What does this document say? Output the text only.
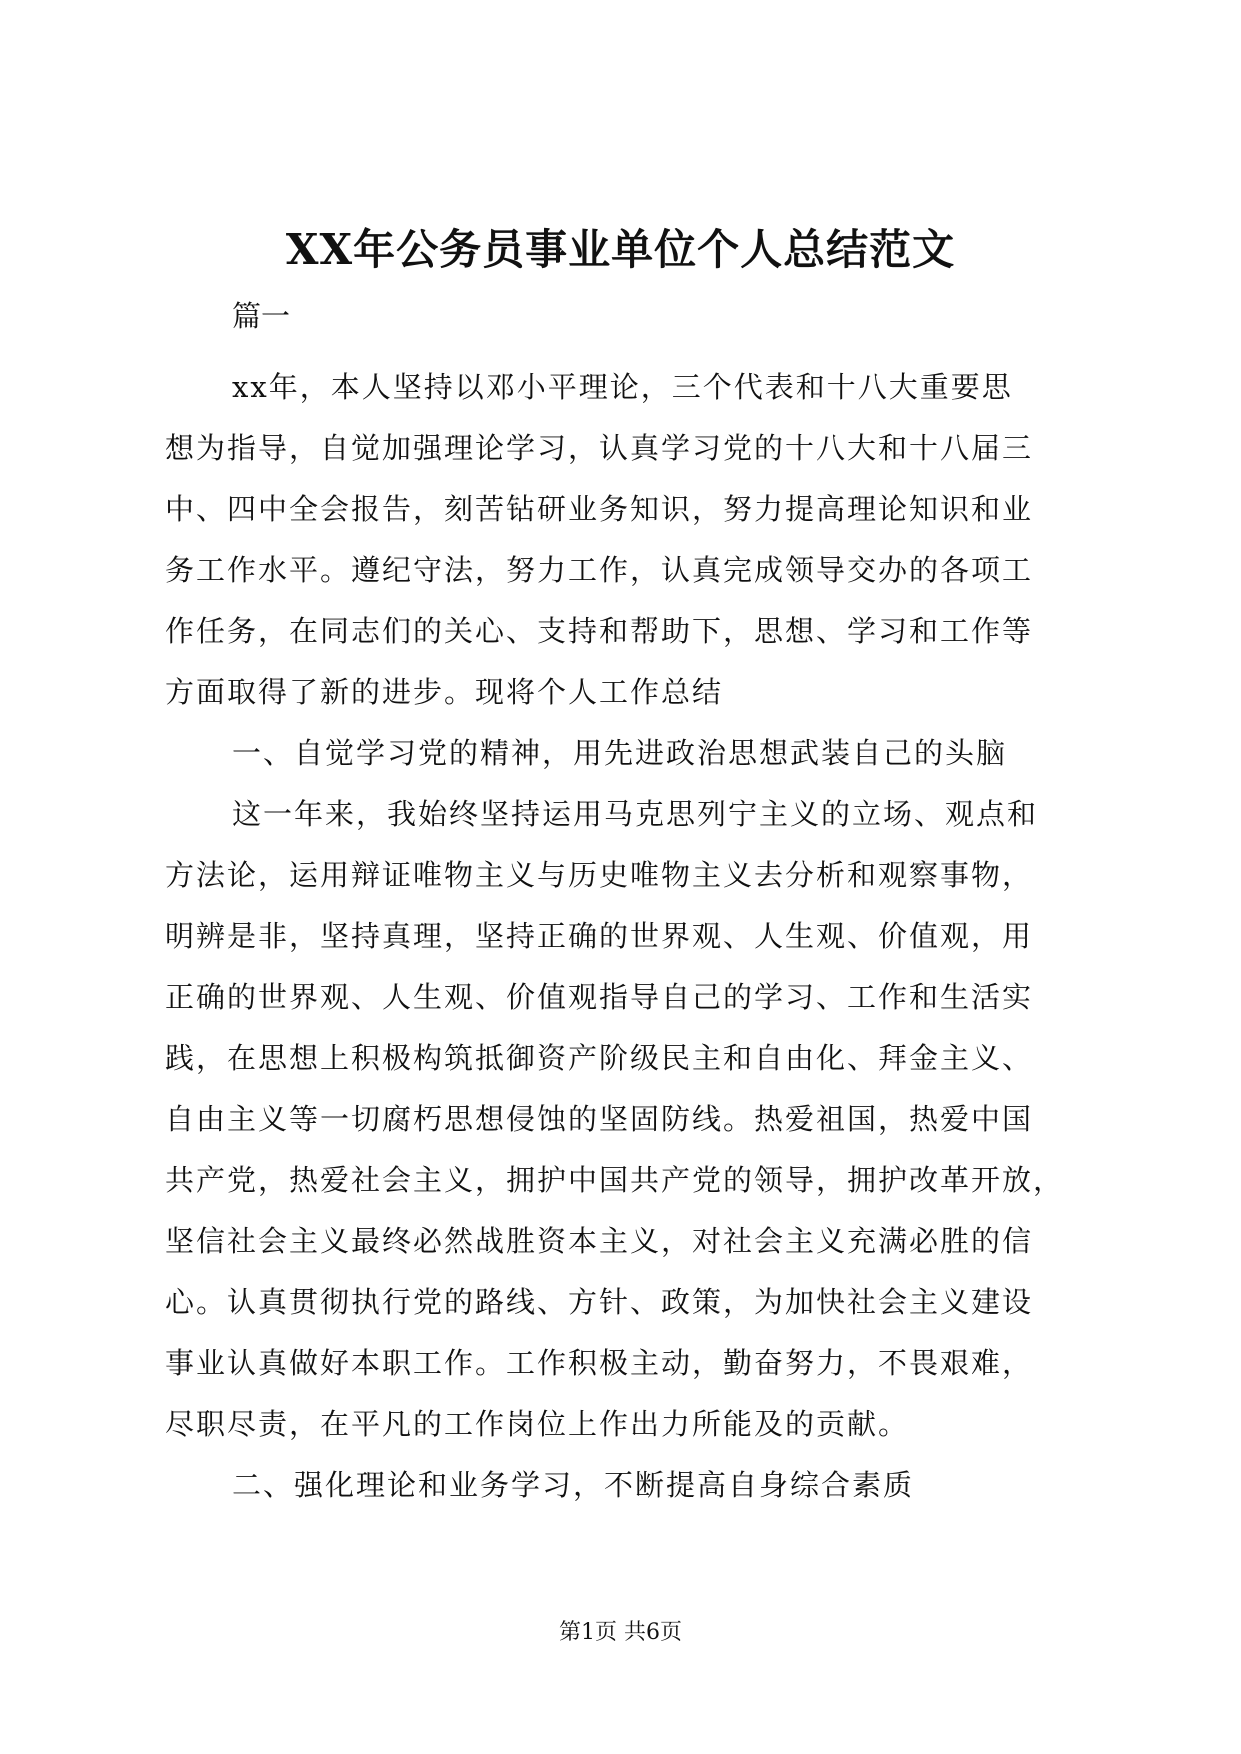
XX年公务员事业单位个人总结范文
篇一
xx年，本人坚持以邓小平理论，三个代表和十八大重要思
想为指导，自觉加强理论学习，认真学习党的十八大和十八届三
中、四中全会报告，刻苦钻研业务知识，努力提高理论知识和业
务工作水平。遵纪守法，努力工作，认真完成领导交办的各项工
作任务，在同志们的关心、支持和帮助下，思想、学习和工作等
方面取得了新的进步。现将个人工作总结
一、自觉学习党的精神，用先进政治思想武装自己的头脑
这一年来，我始终坚持运用马克思列宁主义的立场、观点和
方法论，运用辩证唯物主义与历史唯物主义去分析和观察事物，
明辨是非，坚持真理，坚持正确的世界观、人生观、价值观，用
正确的世界观、人生观、价值观指导自己的学习、工作和生活实
践，在思想上积极构筑抵御资产阶级民主和自由化、拜金主义、
自由主义等一切腐朽思想侵蚀的坚固防线。热爱祖国，热爱中国
共产党，热爱社会主义，拥护中国共产党的领导，拥护改革开放，
坚信社会主义最终必然战胜资本主义，对社会主义充满必胜的信
心。认真贯彻执行党的路线、方针、政策，为加快社会主义建设
事业认真做好本职工作。工作积极主动，勤奋努力，不畏艰难，
尽职尽责，在平凡的工作岗位上作出力所能及的贡献。
二、强化理论和业务学习，不断提高自身综合素质
第1页 共6页
